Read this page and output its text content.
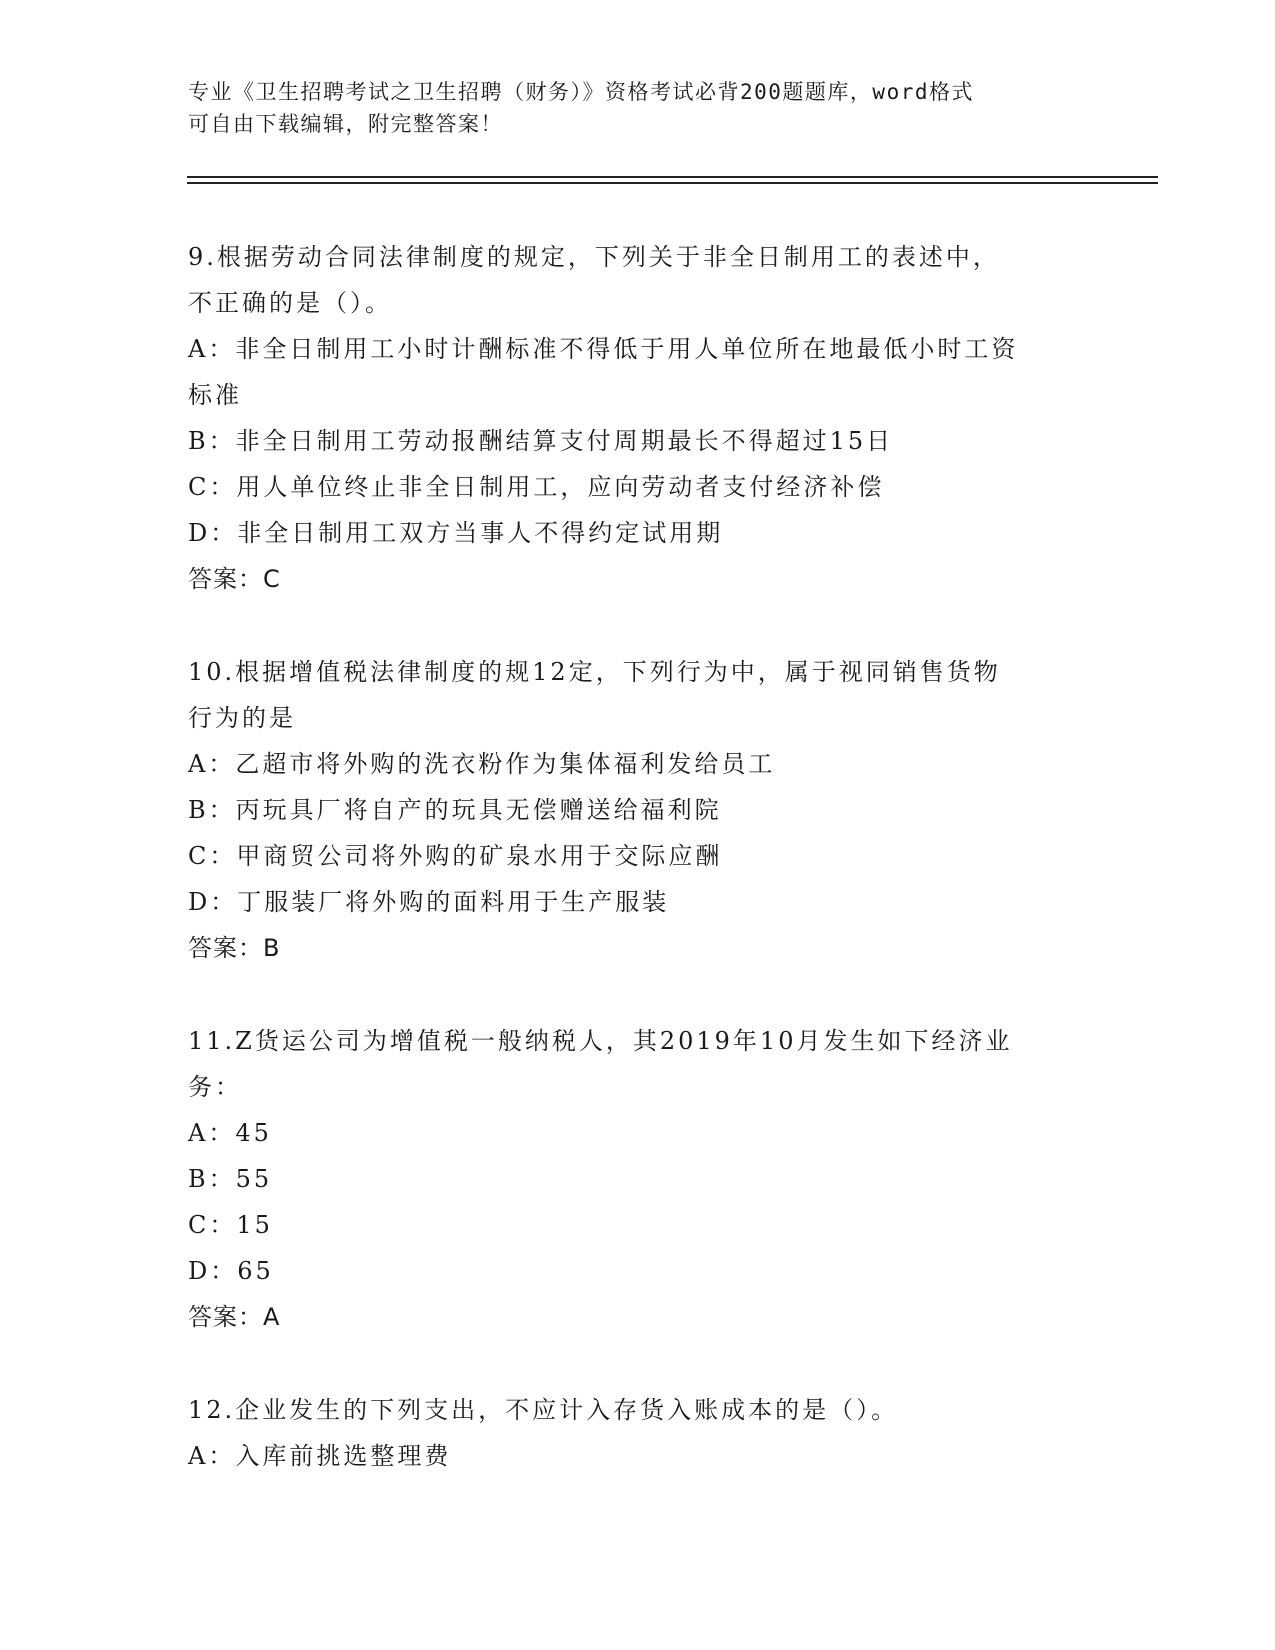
专业《卫生招聘考试之卫生招聘（财务）》资格考试必背200题题库，word格式
可自由下载编辑，附完整答案！
9.根据劳动合同法律制度的规定，下列关于非全日制用工的表述中，
不正确的是（）。
A：非全日制用工小时计酬标准不得低于用人单位所在地最低小时工资
标准
B：非全日制用工劳动报酬结算支付周期最长不得超过15日
C：用人单位终止非全日制用工，应向劳动者支付经济补偿
D：非全日制用工双方当事人不得约定试用期
答案：C
10.根据增值税法律制度的规12定，下列行为中，属于视同销售货物
行为的是
A：乙超市将外购的洗衣粉作为集体福利发给员工
B：丙玩具厂将自产的玩具无偿赠送给福利院
C：甲商贸公司将外购的矿泉水用于交际应酬
D：丁服装厂将外购的面料用于生产服装
答案：B
11.Z货运公司为增值税一般纳税人，其2019年10月发生如下经济业
务：
A：45
B：55
C：15
D：65
答案：A
12.企业发生的下列支出，不应计入存货入账成本的是（）。
A：入库前挑选整理费
